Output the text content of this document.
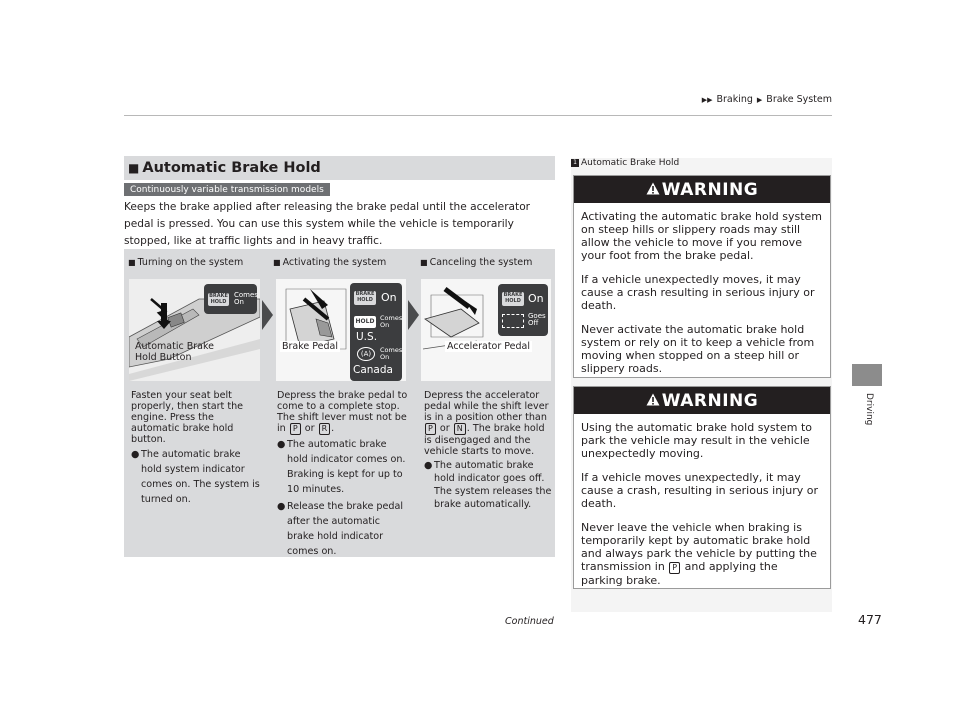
▶▶ Braking ▶ Brake System
Driving
■ Automatic Brake Hold
Continuously variable transmission models
Keeps the brake applied after releasing the brake pedal until the accelerator pedal is pressed. You can use this system while the vehicle is temporarily stopped, like at traffic lights and in heavy traffic.
■ Turning on the system	■ Activating the system	■ Canceling the system
BRAKE HOLD
Comes On
BRAKE HOLD On
HOLD Comes On
U.S.
(A)	Comes On
Canada
BRAKE HOLD On
Goes Off
Automatic Brake Hold Button
Brake Pedal	Accelerator Pedal

Fasten your seat belt properly, then start the engine. Press the automatic brake hold button.

● The automatic brake hold system indicator comes on. The system is turned on.

Depress the brake pedal to come to a complete stop. The shift lever must not be in P or R .

● The automatic brake hold indicator comes on. Braking is kept for up to 10 minutes.
● Release the brake pedal after the automatic brake hold indicator comes on.

Depress the accelerator pedal while the shift lever is in a position other than P or N . The brake hold is disengaged and the vehicle starts to move.

● The automatic brake hold indicator goes off. The system releases the brake automatically.
1 Automatic Brake Hold
WARNING

Activating the automatic brake hold system on steep hills or slippery roads may still allow the vehicle to move if you remove your foot from the brake pedal.

If a vehicle unexpectedly moves, it may cause a crash resulting in serious injury or death.

Never activate the automatic brake hold system or rely on it to keep a vehicle from moving when stopped on a steep hill or slippery roads.

WARNING

Using the automatic brake hold system to park the vehicle may result in the vehicle unexpectedly moving.

If a vehicle moves unexpectedly, it may cause a crash, resulting in serious injury or death.

Never leave the vehicle when braking is temporarily kept by automatic brake hold and always park the vehicle by putting the transmission in P and applying the parking brake.

Continued	477
